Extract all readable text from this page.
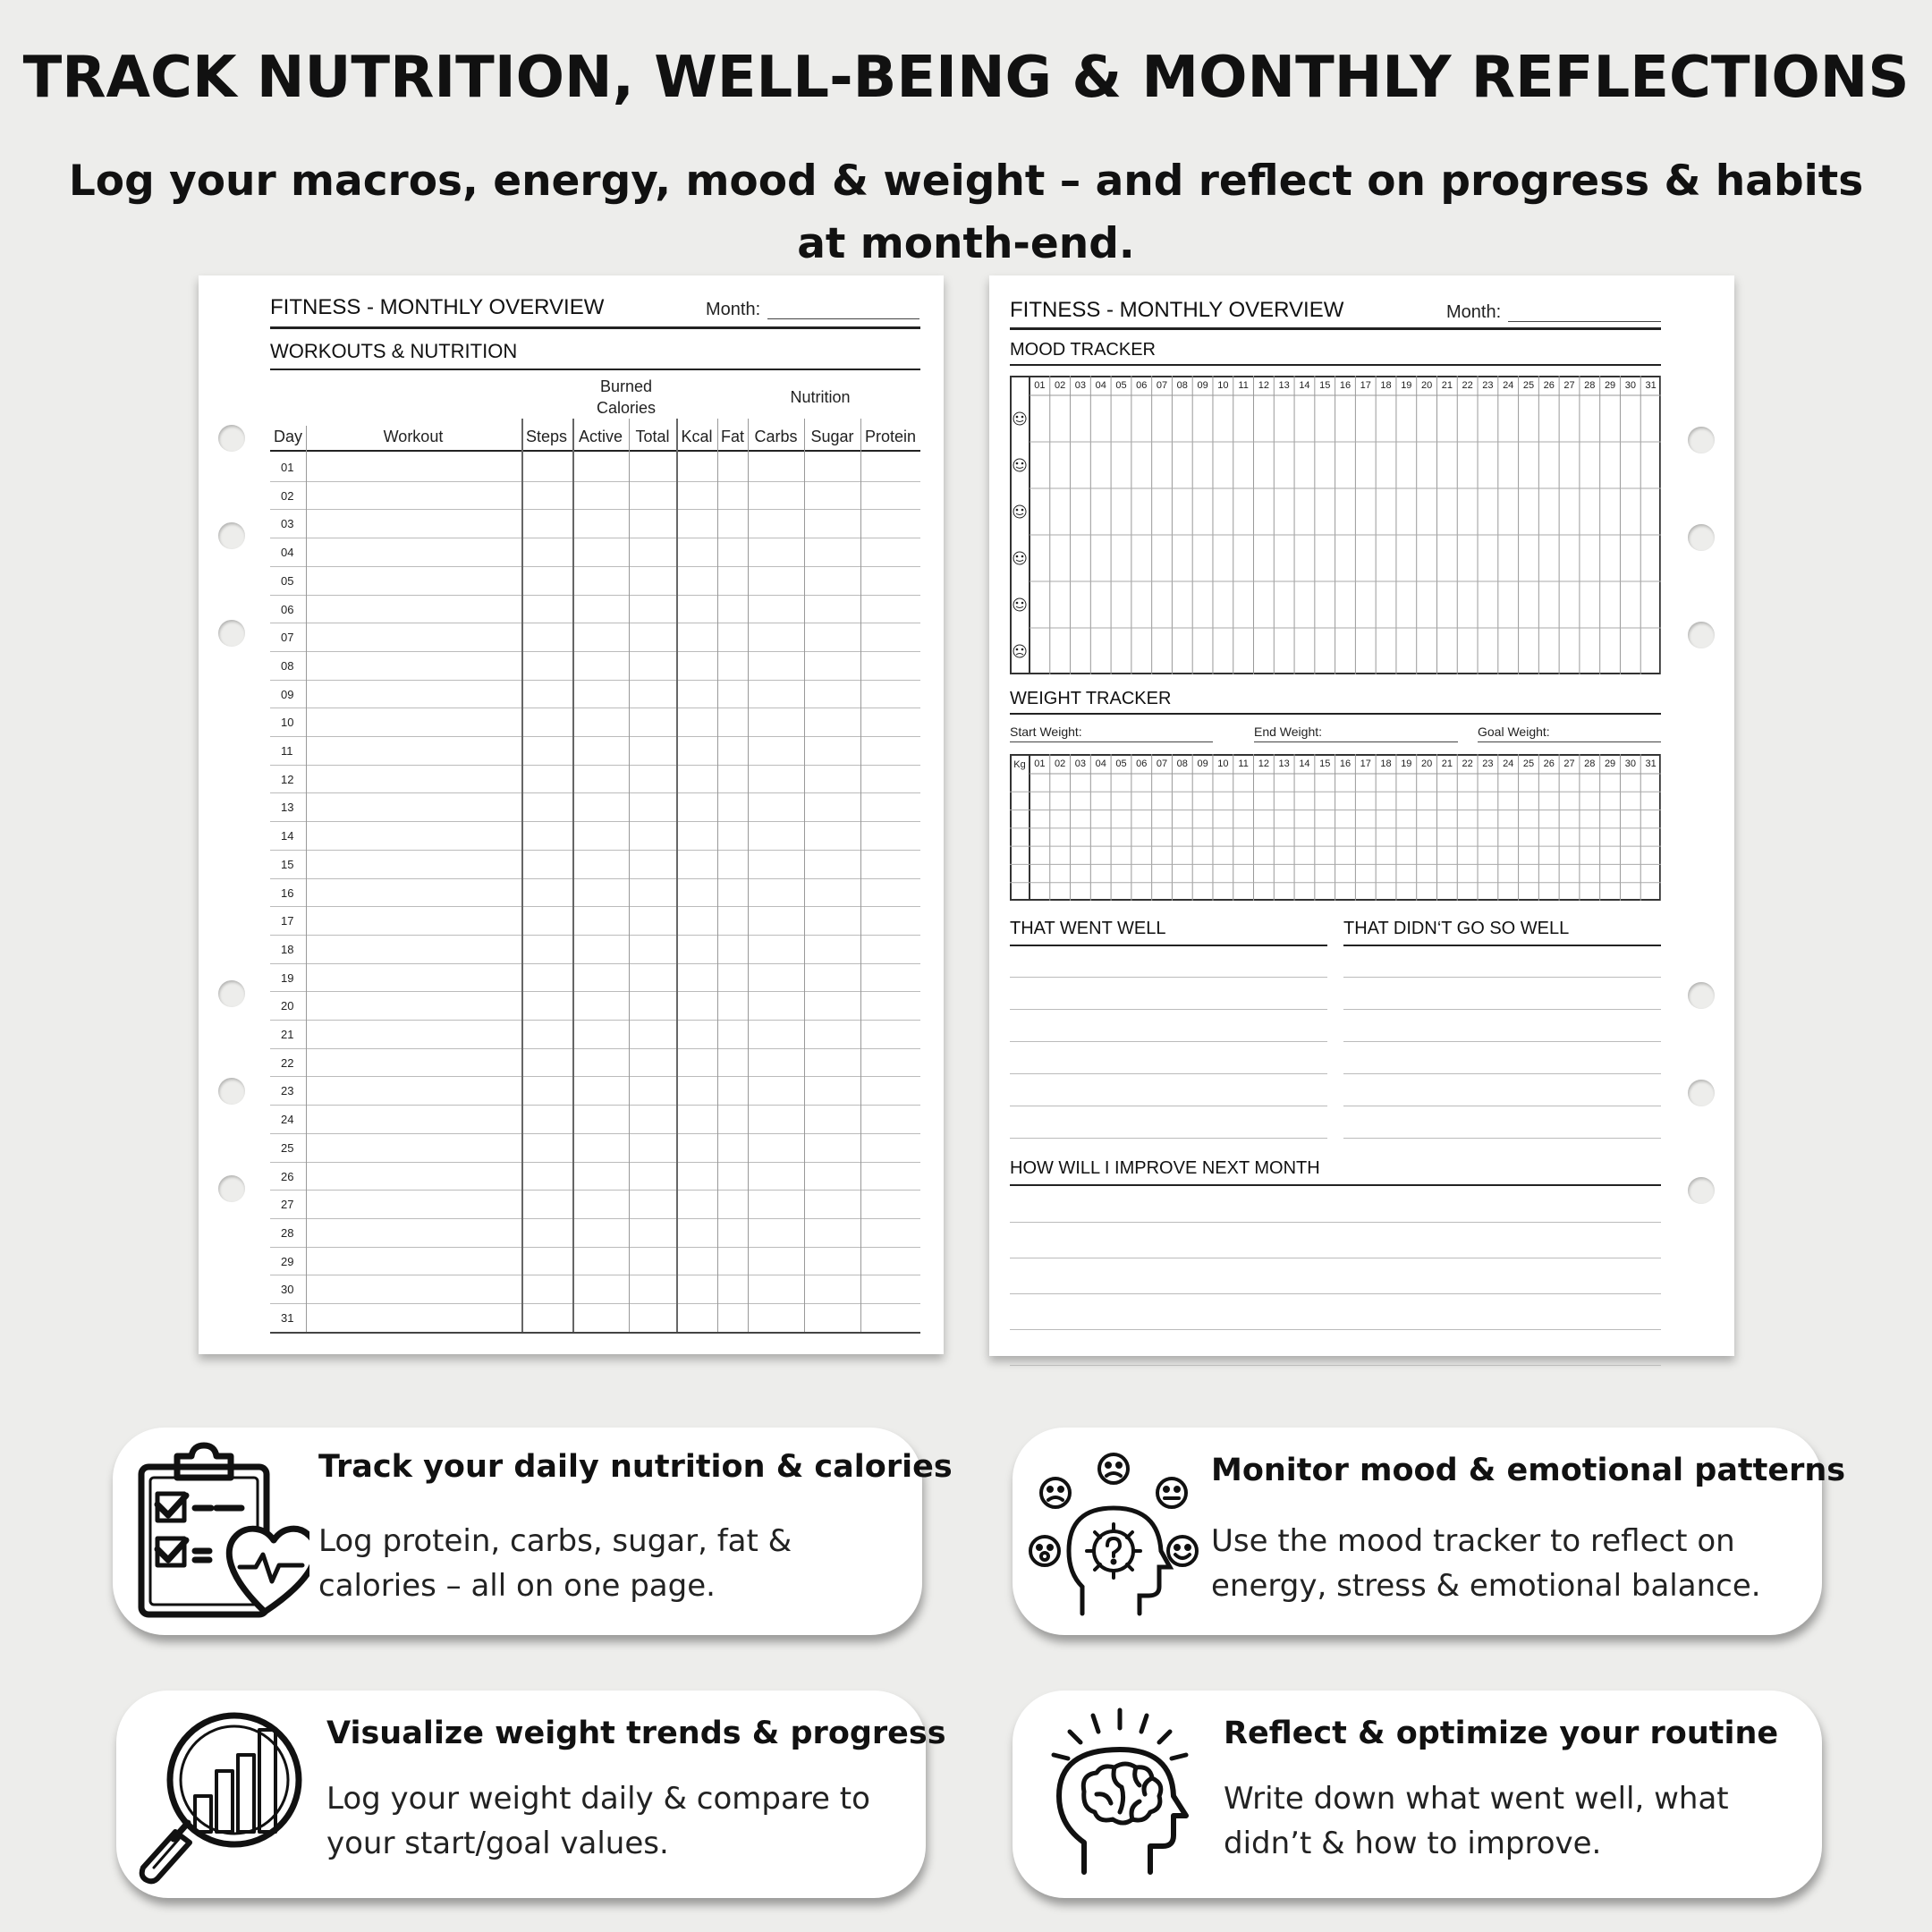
TRACK NUTRITION, WELL-BEING & MONTHLY REFLECTIONS

Log your macros, energy, mood & weight – and reflect on progress & habits at month-end.

FITNESS - MONTHLY OVERVIEW	Month:
WORKOUTS & NUTRITION
Burned Calories
Nutrition
Day	Workout	Steps Active Total Kcal Fat Carbs Sugar Protein
01
02
03
04
05
06
07
08
09
10
11
12
13
14
15
16
17
18
19
20
21
22
23
24
25
26
27
28
29
30
31
FITNESS - MONTHLY OVERVIEW	Month:
MOOD TRACKER
01 02 03 04 05 06 07 08 09 10 11 12 13 14 15 16 17 18 19 20 21 22 23 24 25 26 27 28 29 30 31
WEIGHT TRACKER
Start Weight:	End Weight:	Goal Weight:
01 02 03 04 05 06 07 08 09 10 11 12 13 14 15 16 17 18 19 20 21 22 23 24 25 26 27 28 29 30 31
Kg
THAT WENT WELL	THAT DIDN‘T GO SO WELL
HOW WILL I IMPROVE NEXT MONTH
Track your daily nutrition & calories
Log protein, carbs, sugar, fat & calories – all on one page.
Monitor mood & emotional patterns
Use the mood tracker to reflect on energy, stress & emotional balance.
Visualize weight trends & progress
Log your weight daily & compare to your start/goal values.
Reflect & optimize your routine
Write down what went well, what didn’t & how to improve.
